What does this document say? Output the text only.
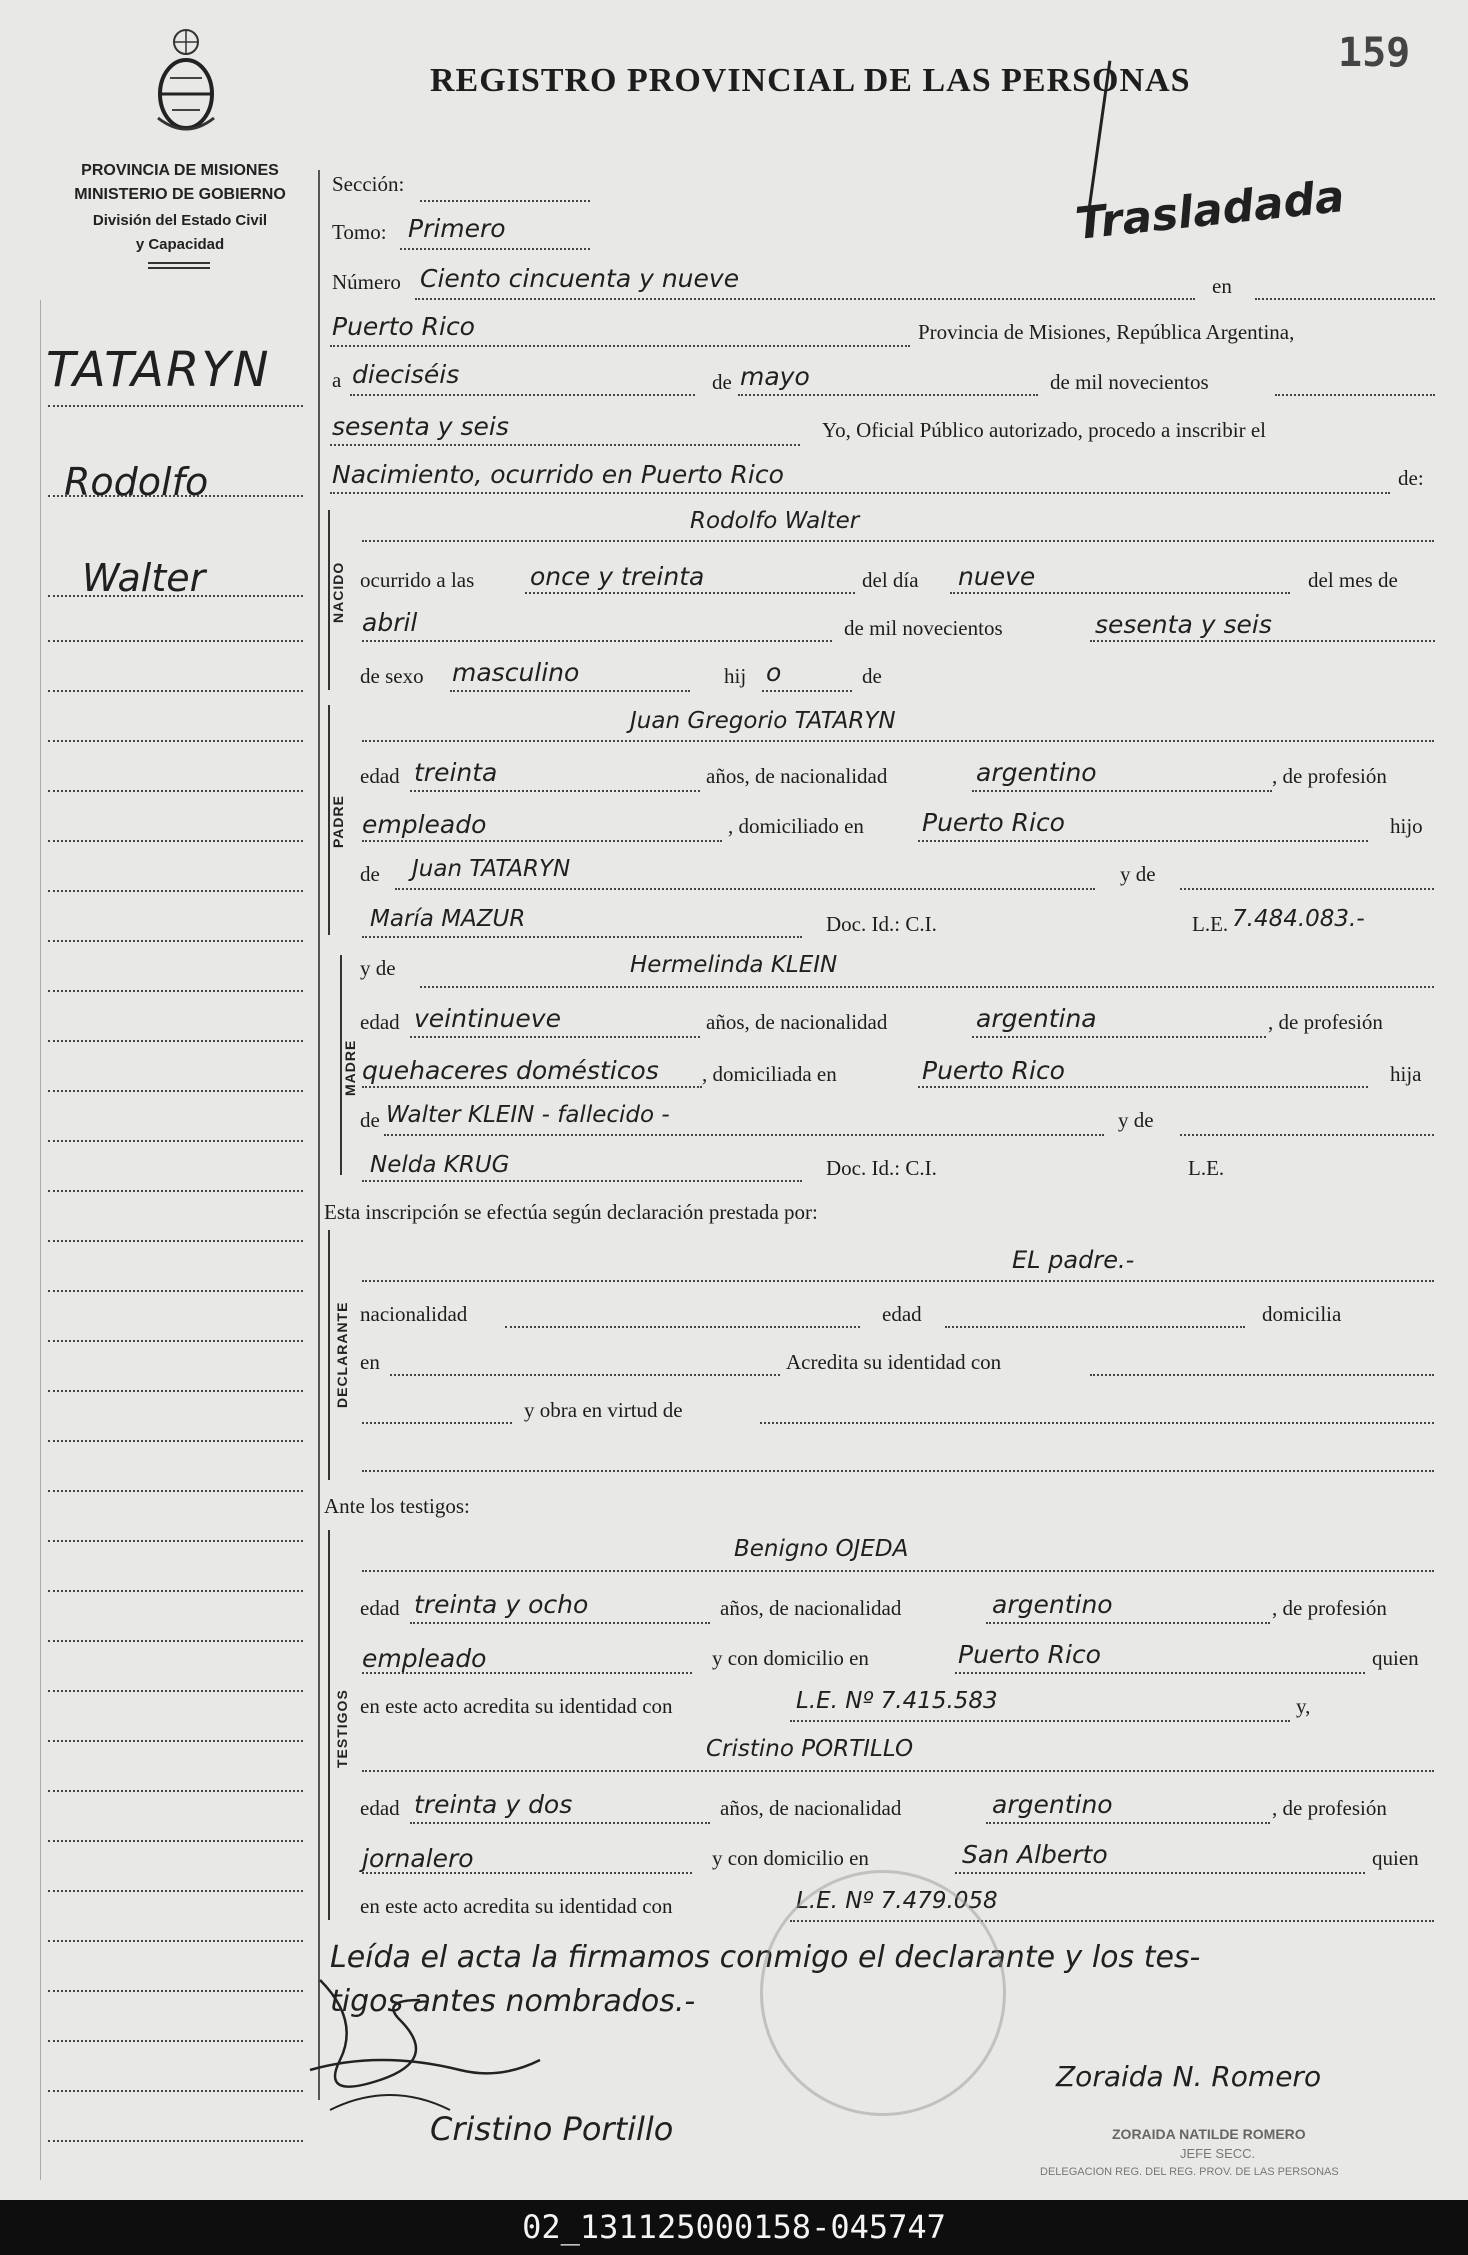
PROVINCIA DE MISIONES
MINISTERIO DE GOBIERNO
División del Estado Civil
y Capacidad
REGISTRO PROVINCIAL DE LAS PERSONAS
159
Trasladada
TATARYN
Rodolfo
Walter
Sección:
Tomo: Primero
Número Ciento cincuenta y nueve	en
Puerto Rico	Provincia de Misiones, República Argentina,
a dieciséis	de mayo	de mil novecientos
sesenta y seis	Yo, Oficial Público autorizado, procedo a inscribir el
Nacimiento, ocurrido en Puerto Rico	de:
NACIDO
Rodolfo Walter
ocurrido a las once y treinta	del día nueve	del mes de
abril	de mil novecientos	sesenta y seis
de sexo masculino	hij o	de
PADRE
Juan Gregorio TATARYN
edad treinta	años, de nacionalidad	argentino	, de profesión
empleado	, domiciliado en Puerto Rico	hijo
de Juan TATARYN	y de
María MAZUR	Doc. Id.: C.I.	L.E. 7.484.083.-
MADRE
y de	Hermelinda KLEIN
edad veintinueve	años, de nacionalidad	argentina	, de profesión
quehaceres domésticos , domiciliada en	Puerto Rico	hija
de Walter KLEIN - fallecido -	y de
Nelda KRUG	Doc. Id.: C.I.	L.E.
Esta inscripción se efectúa según declaración prestada por:
DECLARANTE
EL padre.-
nacionalidad	edad	domicilia
en	Acredita su identidad con
y obra en virtud de
Ante los testigos:
TESTIGOS
Benigno OJEDA
edad treinta y ocho	años, de nacionalidad	argentino	, de profesión
empleado	y con domicilio en	Puerto Rico	quien
en este acto acredita su identidad con	L.E. Nº 7.415.583	y,
Cristino PORTILLO
edad treinta y dos	años, de nacionalidad	argentino	, de profesión
jornalero	y con domicilio en	San Alberto	quien
en este acto acredita su identidad con	L.E. Nº 7.479.058
Leída el acta la firmamos conmigo el declarante y los tes-
tigos antes nombrados.-
Zoraida N. Romero
Cristino Portillo	ZORAIDA NATILDE ROMERO
JEFE SECC.
DELEGACION REG. DEL REG. PROV. DE LAS PERSONAS
02_131125000158-045747
